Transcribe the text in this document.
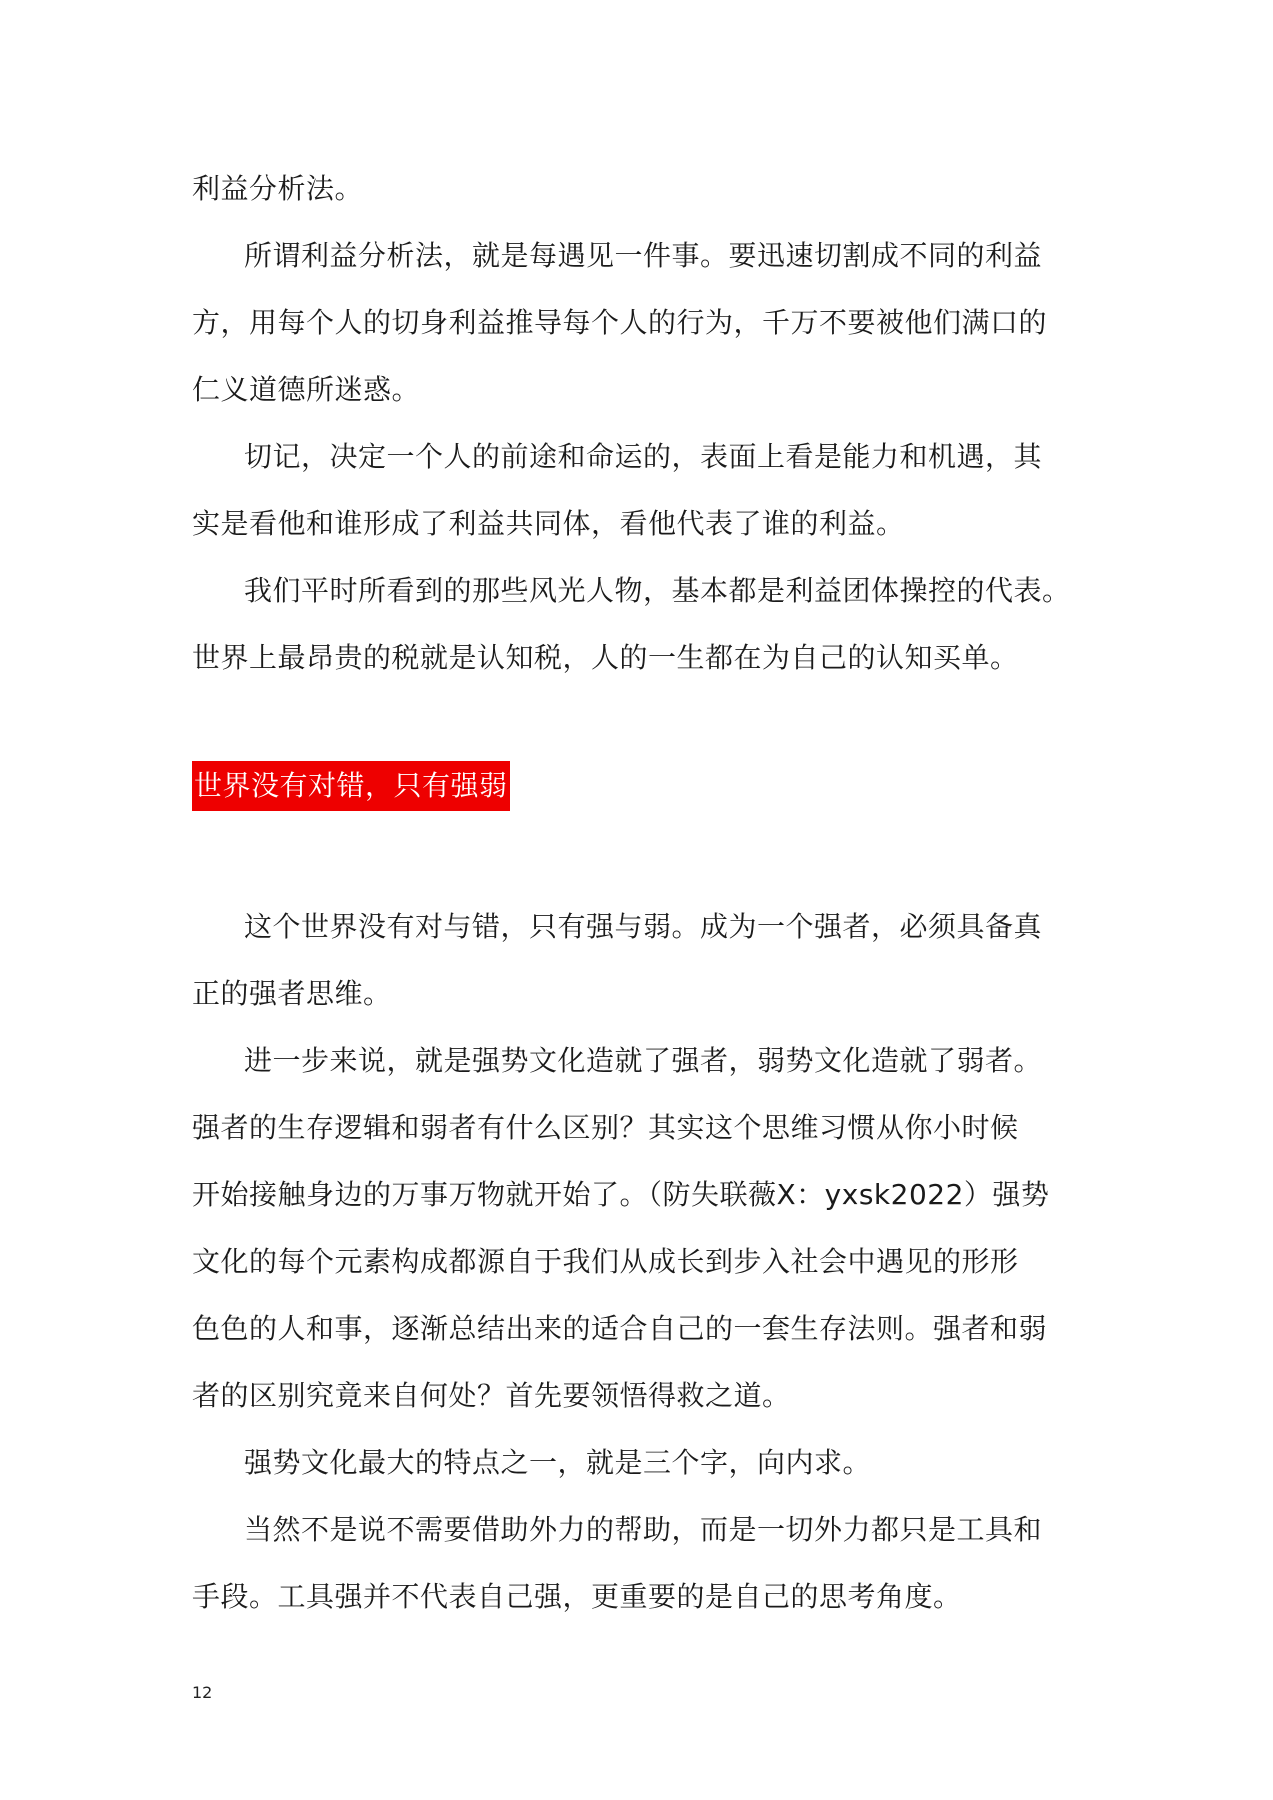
利益分析法。

所谓利益分析法，就是每遇见一件事。要迅速切割成不同的利益
方，用每个人的切身利益推导每个人的行为，千万不要被他们满口的
仁义道德所迷惑。

切记，决定一个人的前途和命运的，表面上看是能力和机遇，其
实是看他和谁形成了利益共同体，看他代表了谁的利益。

我们平时所看到的那些风光人物，基本都是利益团体操控的代表。
世界上最昂贵的税就是认知税，人的一生都在为自己的认知买单。

世界没有对错，只有强弱

这个世界没有对与错，只有强与弱。成为一个强者，必须具备真
正的强者思维。

进一步来说，就是强势文化造就了强者，弱势文化造就了弱者。
强者的生存逻辑和弱者有什么区别？其实这个思维习惯从你小时候
开始接触身边的万事万物就开始了。（防失联薇X：yxsk2022）强势
文化的每个元素构成都源自于我们从成长到步入社会中遇见的形形
色色的人和事，逐渐总结出来的适合自己的一套生存法则。强者和弱
者的区别究竟来自何处？首先要领悟得救之道。

强势文化最大的特点之一，就是三个字，向内求。

当然不是说不需要借助外力的帮助，而是一切外力都只是工具和
手段。工具强并不代表自己强，更重要的是自己的思考角度。

12
